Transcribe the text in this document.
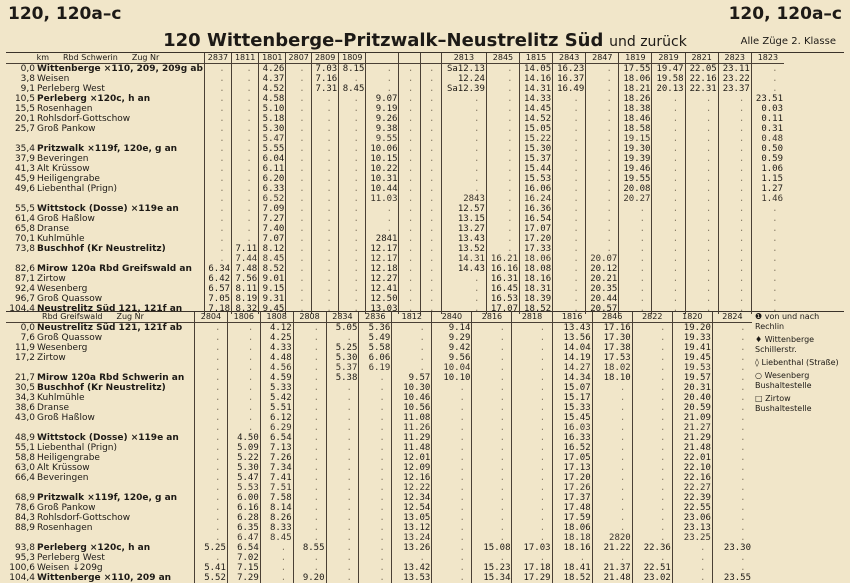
120, 120a–c	120, 120a–c
120 Wittenberge–Pritzwalk–Neustrelitz Süd und zurück	Alle Züge 2. Klasse
km Rbd Schwerin Zug Nr	2837	1811	1801	2807	2809	1809				2813	2845	1815	2843	2847	1819	2819	2821	2823	1823
0,0 Wittenberge ⨯110, 209, 209g ab	.	.	4.26	.	7.03	8.15	.	.	.	Sa12.13	.	14.05	16.23	.	17.55	19.47	22.05	23.11	.
3,8 Weisen	.	.	4.37	.	7.16	.	.	.	.	12.24	.	14.16	16.37	.	18.06	19.58	22.16	23.22	.
9,1 Perleberg West	.	.	4.52	.	7.31	8.45	.	.	.	Sa12.39	.	14.31	16.49	.	18.21	20.13	22.31	23.37	.
10,5 Perleberg ⨯120c, h an	.	.	4.58	.	.	.	9.07	.	.	.	.	14.33	.	.	18.26	.	.	.	23.51
15,5 Rosenhagen	.	.	5.10	.	.	.	9.19	.	.	.	.	14.45	.	.	18.38	.	.	.	0.03
20,1 Rohlsdorf-Gottschow	.	.	5.18	.	.	.	9.26	.	.	.	.	14.52	.	.	18.46	.	.	.	0.11
25,7 Groß Pankow	.	.	5.30	.	.	.	9.38	.	.	.	.	15.05	.	.	18.58	.	.	.	0.31
	.	.	5.47	.	.	.	9.55	.	.	.	.	15.22	.	.	19.15	.	.	.	0.48
35,4 Pritzwalk ⨯119f, 120e, g an	.	.	5.55	.	.	.	10.06	.	.	.	.	15.30	.	.	19.30	.	.	.	0.50
37,9 Beveringen	.	.	6.04	.	.	.	10.15	.	.	.	.	15.37	.	.	19.39	.	.	.	0.59
41,3 Alt Krüssow	.	.	6.11	.	.	.	10.22	.	.	.	.	15.44	.	.	19.46	.	.	.	1.06
45,9 Heiligengrabe	.	.	6.20	.	.	.	10.31	.	.	.	.	15.53	.	.	19.55	.	.	.	1.15
49,6 Liebenthal (Prign)	.	.	6.33	.	.	.	10.44	.	.	.	.	16.06	.	.	20.08	.	.	.	1.27
	.	.	6.52	.	.	.	11.03	.	.	2843	.	16.24	.	.	20.27	.	.	.	1.46
55,5 Wittstock (Dosse) ⨯119e an	.	.	7.09	.	.	.	.	.	.	12.57	.	16.36	.	.	.	.	.	.	.
61,4 Groß Haßlow	.	.	7.27	.	.	.	.	.	.	13.15	.	16.54	.	.	.	.	.	.	.
65,8 Dranse	.	.	7.40	.	.	.	.	.	.	13.27	.	17.07	.	.	.	.	.	.	.
70,1 Kuhlmühle	.	.	7.07	.	.	.	2841	.	.	13.43	.	17.20	.	.	.	.	.	.	.
73,8 Buschhof (Kr Neustrelitz)	.	7.11	8.12	.	.	.	12.17	.	.	13.52	.	17.33	.	.	.	.	.	.	.
	.	7.44	8.45	.	.	.	12.17	.	.	14.31	16.21	18.06	.	20.07	.	.	.	.	.
82,6 Mirow 120a Rbd Greifswald an	6.34	7.48	8.52	.	.	.	12.18	.	.	14.43	16.16	18.08	.	20.12	.	.	.	.	.
87,1 Zirtow	6.42	7.56	9.01	.	.	.	12.27	.	.	.	16.31	18.16	.	20.21	.	.	.	.	.
92,4 Wesenberg	6.57	8.11	9.15	.	.	.	12.41	.	.	.	16.45	18.31	.	20.35	.	.	.	.	.
96,7 Groß Quassow	7.05	8.19	9.31	.	.	.	12.50	.	.	.	16.53	18.39	.	20.44	.	.	.	.	.
104,4 Neustrelitz Süd 121, 121f an	7.18	8.32	9.45	.	.	.	13.03	.	.	.	17.07	18.52	.	20.57	.	.	.	.	.
Rbd Greifswald Zug Nr	2804	1806	1808	2808	2834	2836	1812	2840	2816	2818	1816	2846	2822	1820	2824
0,0 Neustrelitz Süd 121, 121f ab	.	.	4.12	.	5.05	5.36	.	9.14	.	.	13.43	17.16	.	19.20	.
7,6 Groß Quassow	.	.	4.25	.	.	5.49	.	9.29	.	.	13.56	17.30	.	19.33	.
11,9 Wesenberg	.	.	4.33	.	5.25	5.58	.	9.42	.	.	14.04	17.38	.	19.41	.
17,2 Zirtow	.	.	4.48	.	5.30	6.06	.	9.56	.	.	14.19	17.53	.	19.45	.
	.	.	4.56	.	5.37	6.19	.	10.04	.	.	14.27	18.02	.	19.53	.
21,7 Mirow 120a Rbd Schwerin an	.	.	4.59	.	5.38	.	9.57	10.10	.	.	14.34	18.10	.	19.57	.
30,5 Buschhof (Kr Neustrelitz)	.	.	5.33	.	.	.	10.30	.	.	.	15.07	.	.	20.31	.
34,3 Kuhlmühle	.	.	5.42	.	.	.	10.46	.	.	.	15.17	.	.	20.40	.
38,6 Dranse	.	.	5.51	.	.	.	10.56	.	.	.	15.33	.	.	20.59	.
43,0 Groß Haßlow	.	.	6.12	.	.	.	11.08	.	.	.	15.45	.	.	21.09	.
	.	.	6.29	.	.	.	11.26	.	.	.	16.03	.	.	21.27	.
48,9 Wittstock (Dosse) ⨯119e an	.	4.50	6.54	.	.	.	11.29	.	.	.	16.33	.	.	21.29	.
55,1 Liebenthal (Prign)	.	5.09	7.13	.	.	.	11.48	.	.	.	16.52	.	.	21.48	.
58,8 Heiligengrabe	.	5.22	7.26	.	.	.	12.01	.	.	.	17.05	.	.	22.01	.
63,0 Alt Krüssow	.	5.30	7.34	.	.	.	12.09	.	.	.	17.13	.	.	22.10	.
66,4 Beveringen	.	5.47	7.41	.	.	.	12.16	.	.	.	17.20	.	.	22.16	.
	.	5.53	7.51	.	.	.	12.22	.	.	.	17.26	.	.	22.27	.
68,9 Pritzwalk ⨯119f, 120e, g an	.	6.00	7.58	.	.	.	12.34	.	.	.	17.37	.	.	22.39	.
78,6 Groß Pankow	.	6.16	8.14	.	.	.	12.54	.	.	.	17.48	.	.	22.55	.
84,3 Rohlsdorf-Gottschow	.	6.28	8.26	.	.	.	13.05	.	.	.	17.59	.	.	23.06	.
88,9 Rosenhagen	.	6.35	8.33	.	.	.	13.12	.	.	.	18.06	.	.	23.13	.
	.	6.47	8.45	.	.	.	13.24	.	.	.	18.18	2820	.	23.25	.
93,8 Perleberg ⨯120c, h an	5.25	6.54	.	8.55	.	.	13.26	.	15.08	17.03	18.16	21.22	22.36	.	23.30
95,3 Perleberg West	.	7.02	.	.	.	.	.	.	.	.	.	.	.	.	.
100,6 Weisen ↓209g	5.41	7.15	.	.	.	.	13.42	.	15.23	17.18	18.41	21.37	22.51	.	.
104,4 Wittenberge ⨯110, 209 an	5.52	7.29	.	9.20	.	.	13.53	.	15.34	17.29	18.52	21.48	23.02	.	23.55
❶ von und nach Rechlin
♦ Wittenberge Schillerstr.
◊ Liebenthal (Straße)
○ Wesenberg Bushaltestelle
□ Zirtow Bushaltestelle
